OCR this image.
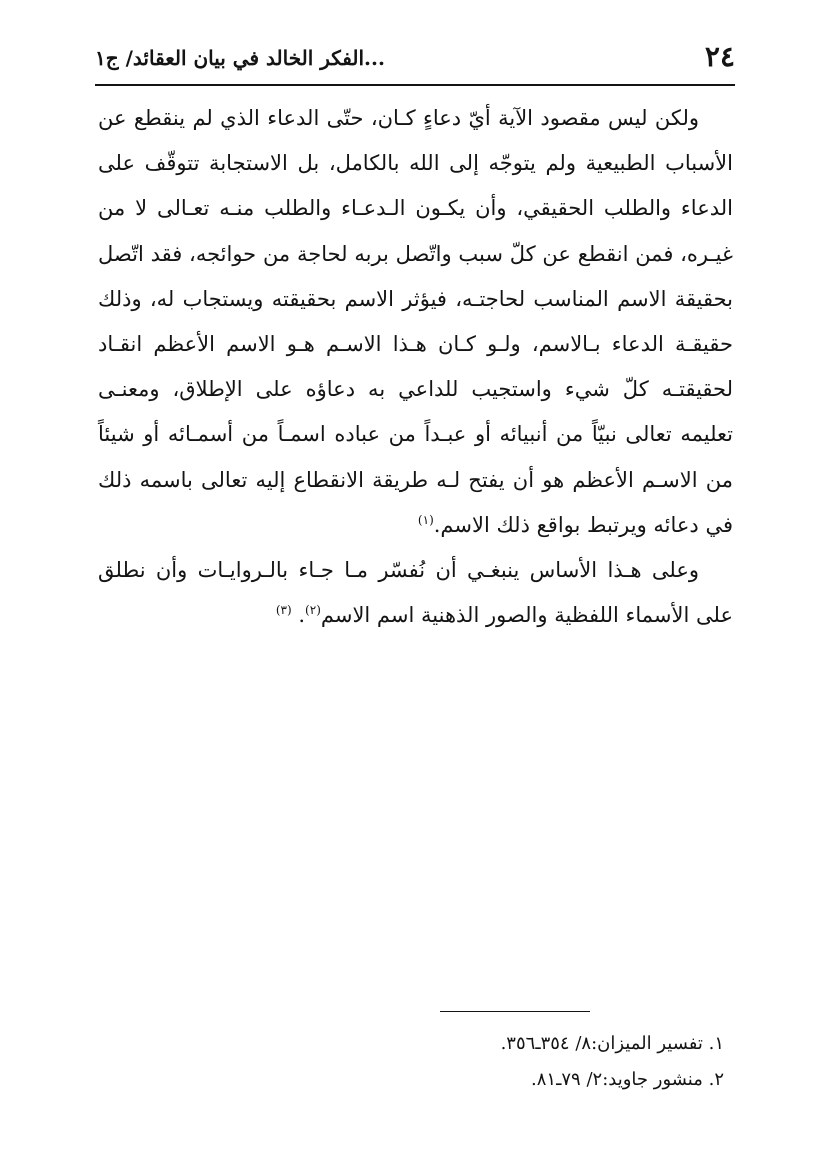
٢٤
...الفكر الخالد في بيان العقائد/ ج١

ولكن ليس مقصود الآية أيّ دعاءٍ كـان، حتّى الدعاء الذي لم ينقطع عن الأسباب الطبيعية ولم يتوجّه إلى الله بالكامل، بل الاستجابة تتوقّف على الدعاء والطلب الحقيقي، وأن يكـون الـدعـاء والطلب منـه تعـالى لا من غيـره، فمن انقطع عن كلّ سبب واتّصل بربه لحاجة من حوائجه، فقد اتّصل بحقيقة الاسم المناسب لحاجتـه، فيؤثر الاسم بحقيقته ويستجاب له، وذلك حقيقـة الدعاء بـالاسم، ولـو كـان هـذا الاسـم هـو الاسم الأعظم انقـاد لحقيقتـه كلّ شيء واستجيب للداعي به دعاؤه على الإطلاق، ومعنـى تعليمه تعالى نبيّاً من أنبيائه أو عبـداً من عباده اسمـاً من أسمـائه أو شيئاً من الاسـم الأعظم هو أن يفتح لـه طريقة الانقطاع إليه تعالى باسمه ذلك في دعائه ويرتبط بواقع ذلك الاسم.$^{(١)}$

وعلى هـذا الأساس ينبغـي أن نُفسّر مـا جـاء بالـروايـات وأن نطلق على الأسماء اللفظية والصور الذهنية اسم الاسم$^{(٢)}$. $^{(٣)}$

١. تفسير الميزان:٨/ ٣٥٤ـ٣٥٦.
٢. منشور جاويد:٢/ ٧٩ـ٨١.
